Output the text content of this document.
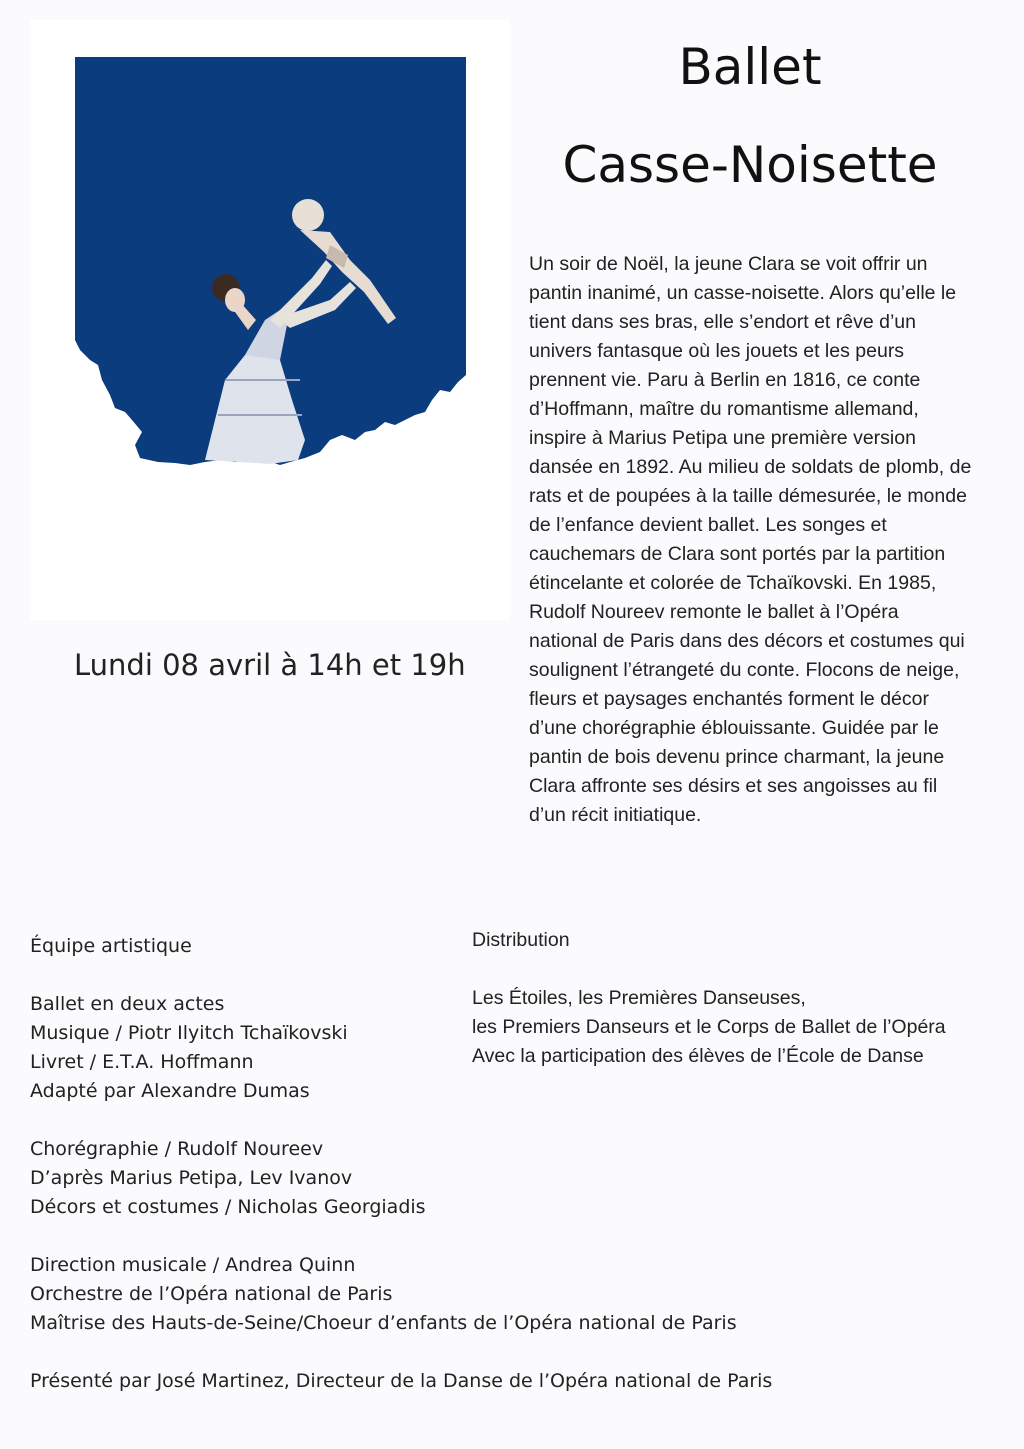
Ballet
Casse-Noisette

Un soir de Noël, la jeune Clara se voit offrir un
pantin inanimé, un casse-noisette. Alors qu’elle le
tient dans ses bras, elle s’endort et rêve d’un
univers fantasque où les jouets et les peurs
prennent vie. Paru à Berlin en 1816, ce conte
d’Hoffmann, maître du romantisme allemand,
inspire à Marius Petipa une première version
dansée en 1892. Au milieu de soldats de plomb, de
rats et de poupées à la taille démesurée, le monde
de l’enfance devient ballet. Les songes et
cauchemars de Clara sont portés par la partition
étincelante et colorée de Tchaïkovski. En 1985,
Rudolf Noureev remonte le ballet à l’Opéra
national de Paris dans des décors et costumes qui
soulignent l’étrangeté du conte. Flocons de neige,
fleurs et paysages enchantés forment le décor
d’une chorégraphie éblouissante. Guidée par le
pantin de bois devenu prince charmant, la jeune
Clara affronte ses désirs et ses angoisses au fil
d’un récit initiatique.

Lundi 08 avril à 14h et 19h

Équipe artistique
Ballet en deux actes
Musique / Piotr Ilyitch Tchaïkovski
Livret / E.T.A. Hoffmann
Adapté par Alexandre Dumas
Chorégraphie / Rudolf Noureev
D’après Marius Petipa, Lev Ivanov
Décors et costumes / Nicholas Georgiadis
Direction musicale / Andrea Quinn
Orchestre de l’Opéra national de Paris
Maîtrise des Hauts-de-Seine/Choeur d’enfants de l’Opéra national de Paris
Présenté par José Martinez, Directeur de la Danse de l’Opéra national de Paris
Distribution
Les Étoiles, les Premières Danseuses,
les Premiers Danseurs et le Corps de Ballet de l’Opéra
Avec la participation des élèves de l’École de Danse
